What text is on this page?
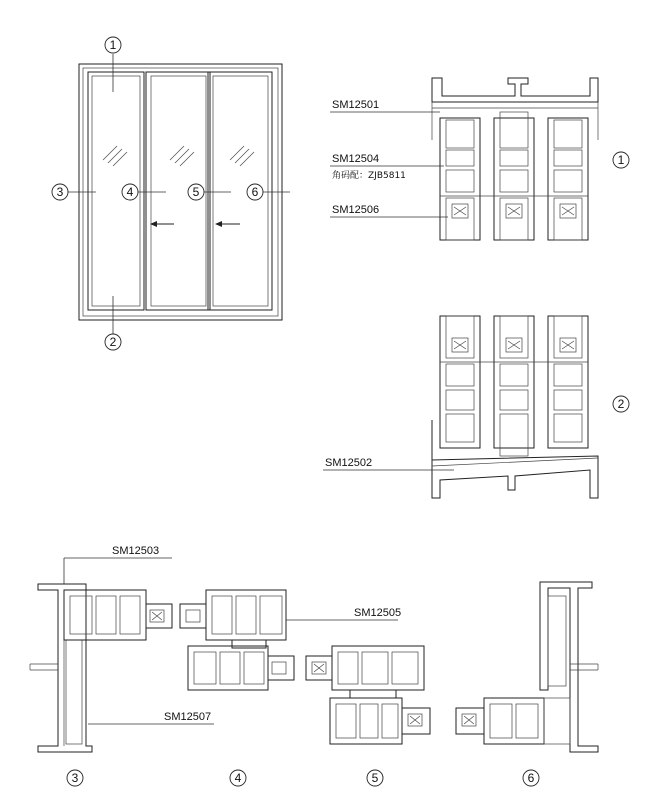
1
2
3	4	5	6
SM12501
SM12504
角码配：ZJB5811
SM12506
1
SM12502
2
SM12503
SM12505
SM12507
3	4	5	6
